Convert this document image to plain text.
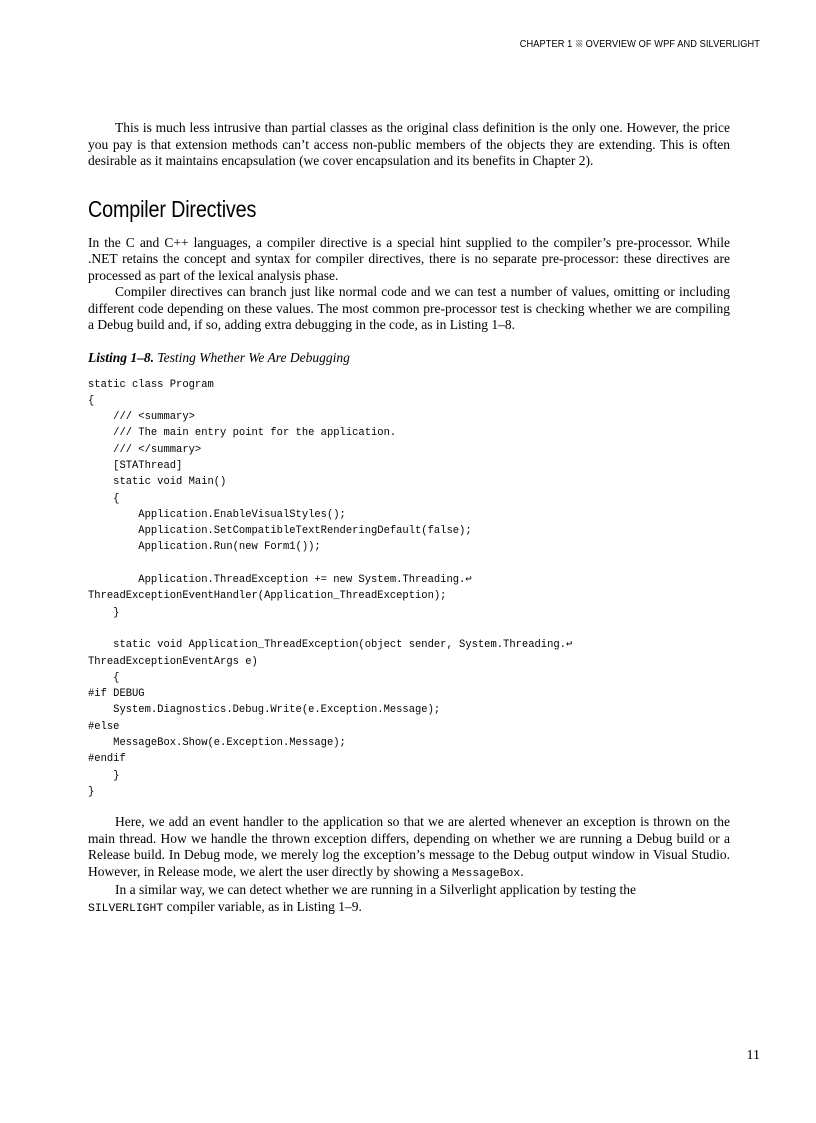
CHAPTER 1 OVERVIEW OF WPF AND SILVERLIGHT

This is much less intrusive than partial classes as the original class definition is the only one. However, the price you pay is that extension methods can’t access non-public members of the objects they are extending. This is often desirable as it maintains encapsulation (we cover encapsulation and its benefits in Chapter 2).

Compiler Directives

In the C and C++ languages, a compiler directive is a special hint supplied to the compiler’s pre-processor. While .NET retains the concept and syntax for compiler directives, there is no separate pre-processor: these directives are processed as part of the lexical analysis phase.

Compiler directives can branch just like normal code and we can test a number of values, omitting or including different code depending on these values. The most common pre-processor test is checking whether we are compiling a Debug build and, if so, adding extra debugging in the code, as in Listing 1–8.

Listing 1–8. Testing Whether We Are Debugging
static class Program
{
/// <summary>
/// The main entry point for the application.
/// </summary>
[STAThread]
static void Main()
{
Application.EnableVisualStyles();
Application.SetCompatibleTextRenderingDefault(false);
Application.Run(new Form1());

Application.ThreadException += new System.Threading.↩
ThreadExceptionEventHandler(Application_ThreadException);
}

static void Application_ThreadException(object sender, System.Threading.↩
ThreadExceptionEventArgs e)
{
#if DEBUG
System.Diagnostics.Debug.Write(e.Exception.Message);
#else
MessageBox.Show(e.Exception.Message);
#endif
}
}

Here, we add an event handler to the application so that we are alerted whenever an exception is thrown on the main thread. How we handle the thrown exception differs, depending on whether we are running a Debug build or a Release build. In Debug mode, we merely log the exception’s message to the Debug output window in Visual Studio. However, in Release mode, we alert the user directly by showing a MessageBox.

In a similar way, we can detect whether we are running in a Silverlight application by testing the
SILVERLIGHT compiler variable, as in Listing 1–9.

11
